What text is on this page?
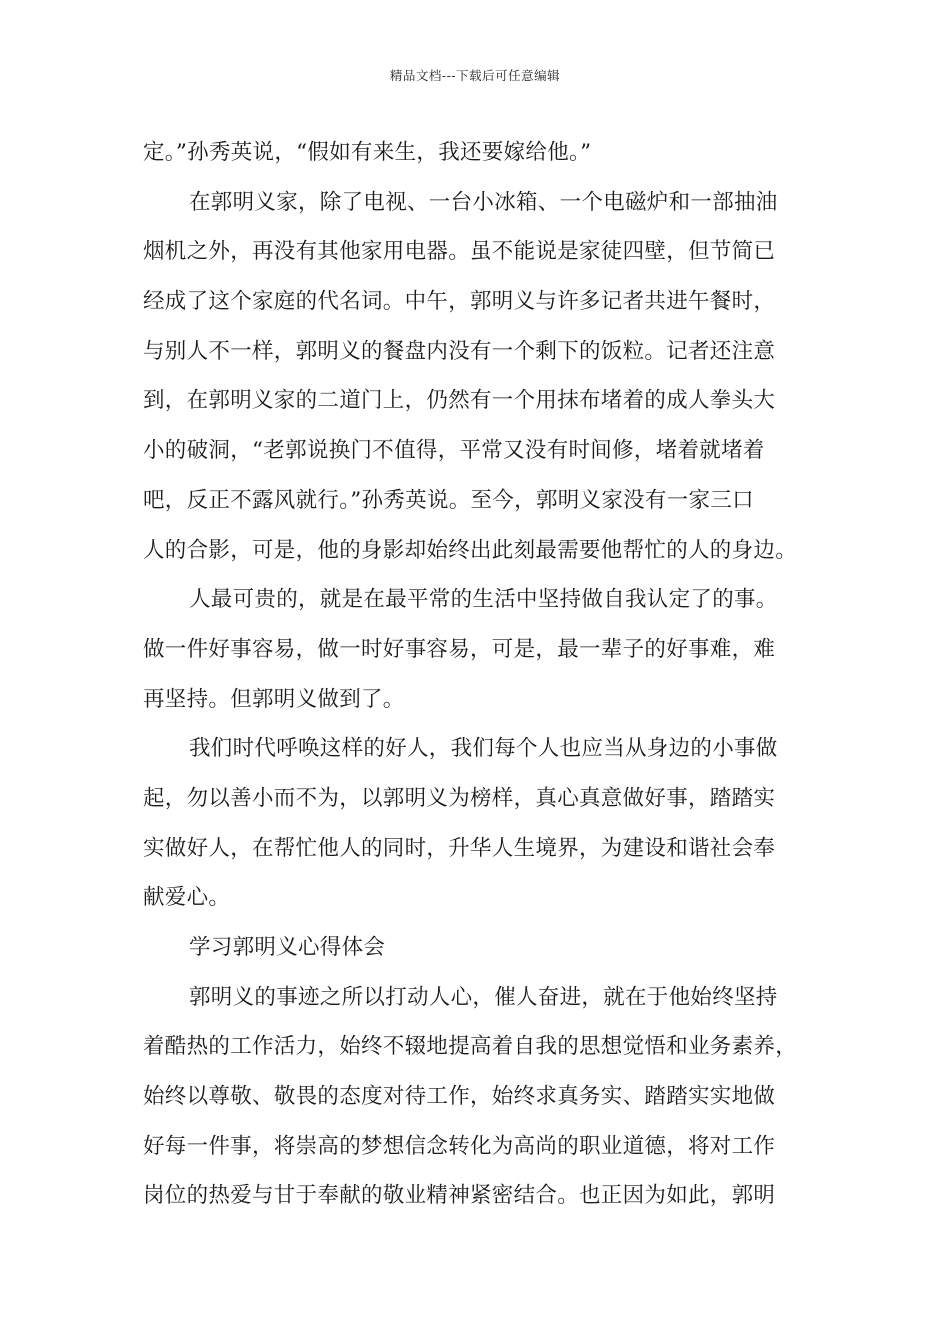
精品文档---下载后可任意编辑
定。”孙秀英说，“假如有来生，我还要嫁给他。”
在郭明义家，除了电视、一台小冰箱、一个电磁炉和一部抽油
烟机之外，再没有其他家用电器。虽不能说是家徒四壁，但节简已
经成了这个家庭的代名词。中午，郭明义与许多记者共进午餐时，
与别人不一样，郭明义的餐盘内没有一个剩下的饭粒。记者还注意
到，在郭明义家的二道门上，仍然有一个用抹布堵着的成人拳头大
小的破洞，“老郭说换门不值得，平常又没有时间修，堵着就堵着
吧，反正不露风就行。”孙秀英说。至今，郭明义家没有一家三口
人的合影，可是，他的身影却始终出此刻最需要他帮忙的人的身边。
人最可贵的，就是在最平常的生活中坚持做自我认定了的事。
做一件好事容易，做一时好事容易，可是，最一辈子的好事难，难
再坚持。但郭明义做到了。
我们时代呼唤这样的好人，我们每个人也应当从身边的小事做
起，勿以善小而不为，以郭明义为榜样，真心真意做好事，踏踏实
实做好人，在帮忙他人的同时，升华人生境界，为建设和谐社会奉
献爱心。
学习郭明义心得体会
郭明义的事迹之所以打动人心，催人奋进，就在于他始终坚持
着酷热的工作活力，始终不辍地提高着自我的思想觉悟和业务素养，
始终以尊敬、敬畏的态度对待工作，始终求真务实、踏踏实实地做
好每一件事，将崇高的梦想信念转化为高尚的职业道德，将对工作
岗位的热爱与甘于奉献的敬业精神紧密结合。也正因为如此，郭明
